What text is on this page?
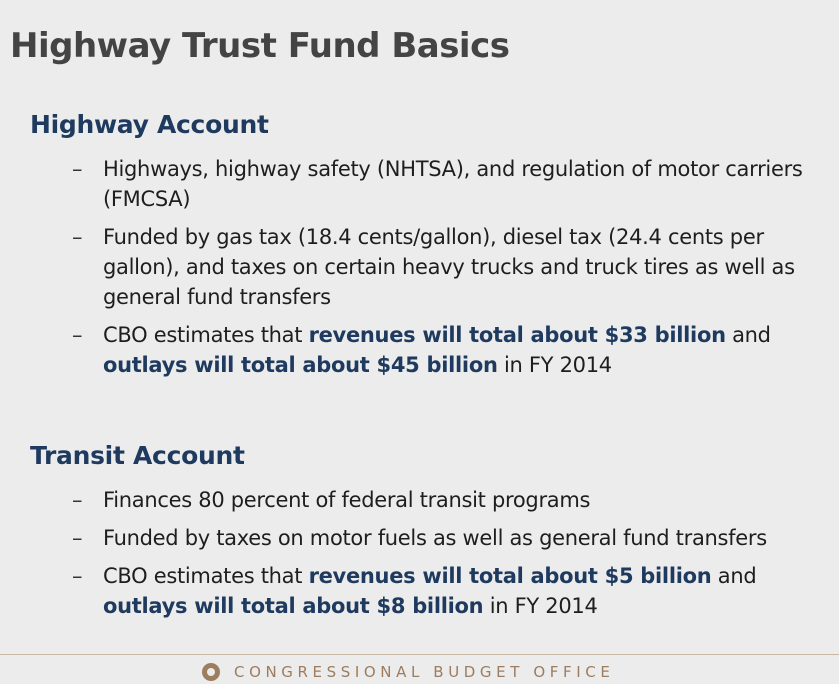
Highway Trust Fund Basics
Highway Account
– Highways, highway safety (NHTSA), and regulation of motor carriers (FMCSA)
– Funded by gas tax (18.4 cents/gallon), diesel tax (24.4 cents per gallon), and taxes on certain heavy trucks and truck tires as well as general fund transfers
– CBO estimates that revenues will total about $33 billion and outlays will total about $45 billion in FY 2014
Transit Account
– Finances 80 percent of federal transit programs
– Funded by taxes on motor fuels as well as general fund transfers
– CBO estimates that revenues will total about $5 billion and outlays will total about $8 billion in FY 2014
CONGRESSIONAL BUDGET OFFICE
